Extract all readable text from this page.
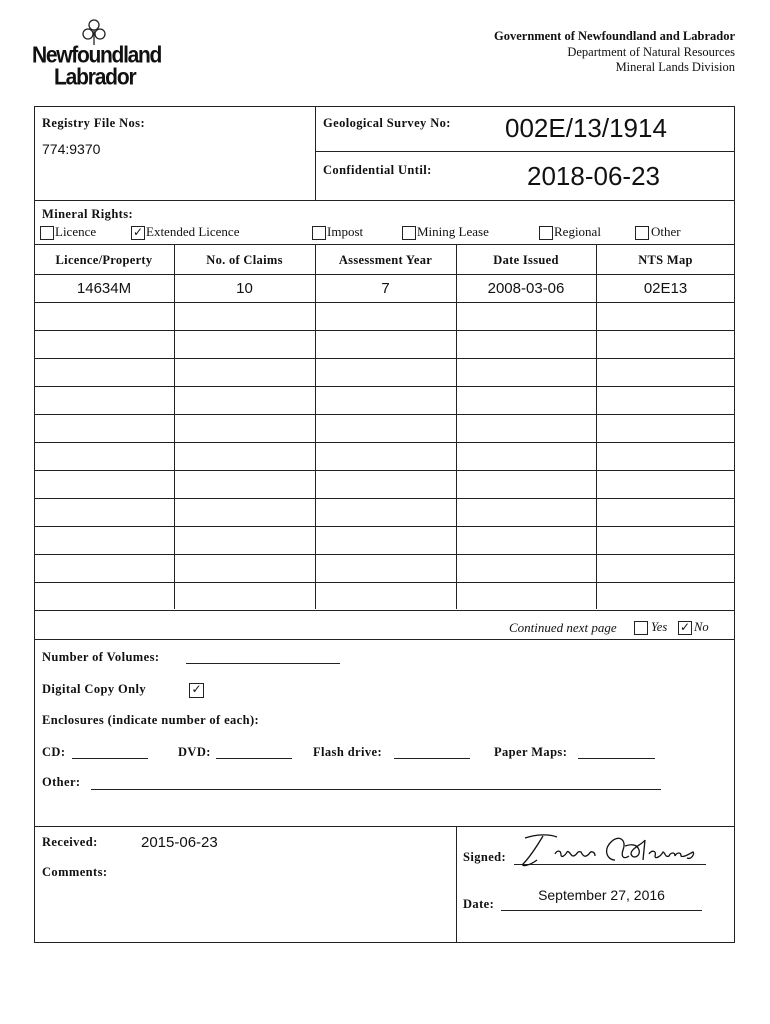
Newfoundland
Labrador
Government of Newfoundland and Labrador
Department of Natural Resources
Mineral Lands Division
Registry File Nos:
774:9370
Geological Survey No: 002E/13/1914
Confidential Until:	2018-06-23
Mineral Rights:
Licence	✓ Extended Licence	Impost	Mining Lease	Regional	Other
Licence/Property	No. of Claims	Assessment Year	Date Issued	NTS Map
14634M	10	7	2008-03-06	02E13
Continued next page	Yes ✓ No
Number of Volumes:
Digital Copy Only	✓
Enclosures (indicate number of each):
CD:	DVD:	Flash drive:	Paper Maps:
Other:
Received:	2015-06-23
Comments:
Signed:
Date:
September 27, 2016
